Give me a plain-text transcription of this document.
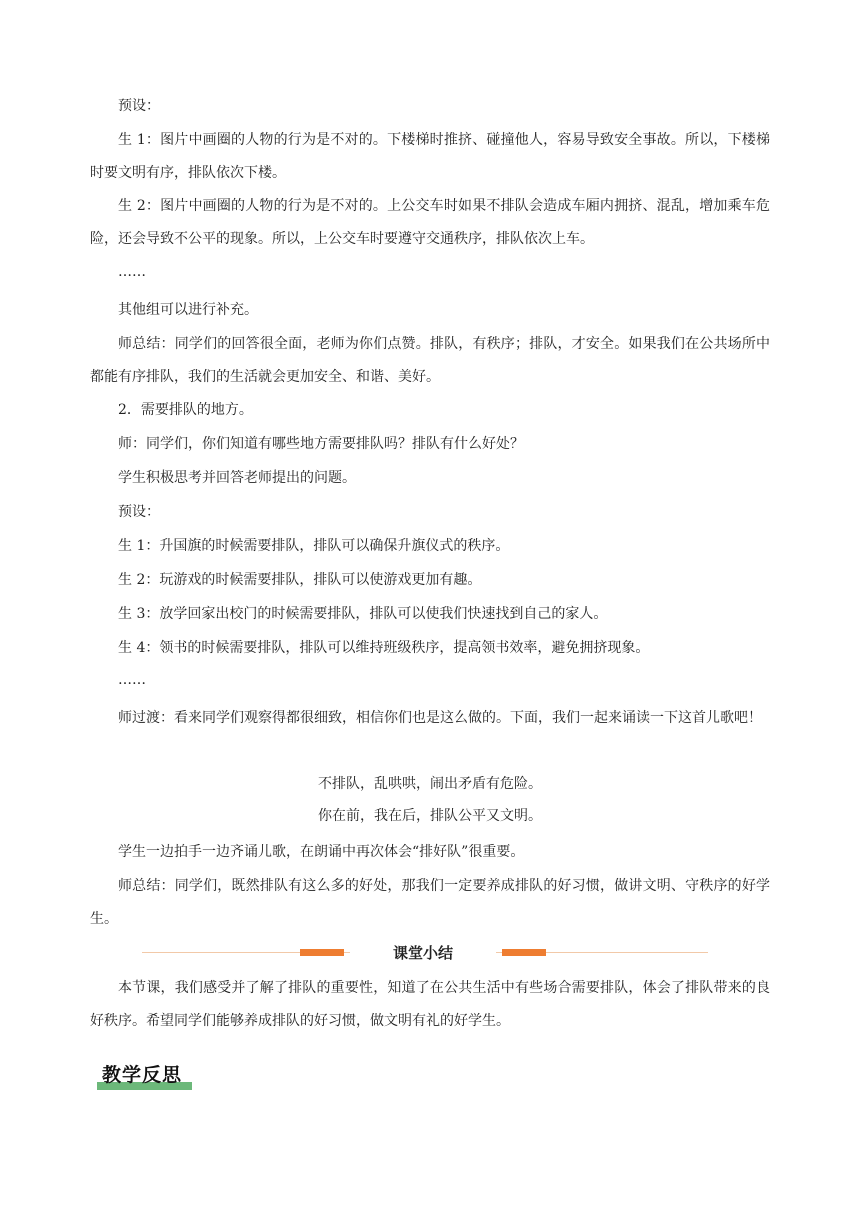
预设：

生 1：图片中画圈的人物的行为是不对的。下楼梯时推挤、碰撞他人，容易导致安全事故。所以，下楼梯时要文明有序，排队依次下楼。

生 2：图片中画圈的人物的行为是不对的。上公交车时如果不排队会造成车厢内拥挤、混乱，增加乘车危险，还会导致不公平的现象。所以，上公交车时要遵守交通秩序，排队依次上车。

……

其他组可以进行补充。

师总结：同学们的回答很全面，老师为你们点赞。排队，有秩序；排队，才安全。如果我们在公共场所中都能有序排队，我们的生活就会更加安全、和谐、美好。

2．需要排队的地方。

师：同学们，你们知道有哪些地方需要排队吗？排队有什么好处？

学生积极思考并回答老师提出的问题。

预设：

生 1：升国旗的时候需要排队，排队可以确保升旗仪式的秩序。

生 2：玩游戏的时候需要排队，排队可以使游戏更加有趣。

生 3：放学回家出校门的时候需要排队，排队可以使我们快速找到自己的家人。

生 4：领书的时候需要排队，排队可以维持班级秩序，提高领书效率，避免拥挤现象。

……

师过渡：看来同学们观察得都很细致，相信你们也是这么做的。下面，我们一起来诵读一下这首儿歌吧！

不排队，乱哄哄，闹出矛盾有危险。

你在前，我在后，排队公平又文明。

学生一边拍手一边齐诵儿歌，在朗诵中再次体会“排好队”很重要。

师总结：同学们，既然排队有这么多的好处，那我们一定要养成排队的好习惯，做讲文明、守秩序的好学生。

课堂小结

本节课，我们感受并了解了排队的重要性，知道了在公共生活中有些场合需要排队，体会了排队带来的良好秩序。希望同学们能够养成排队的好习惯，做文明有礼的好学生。

教学反思
